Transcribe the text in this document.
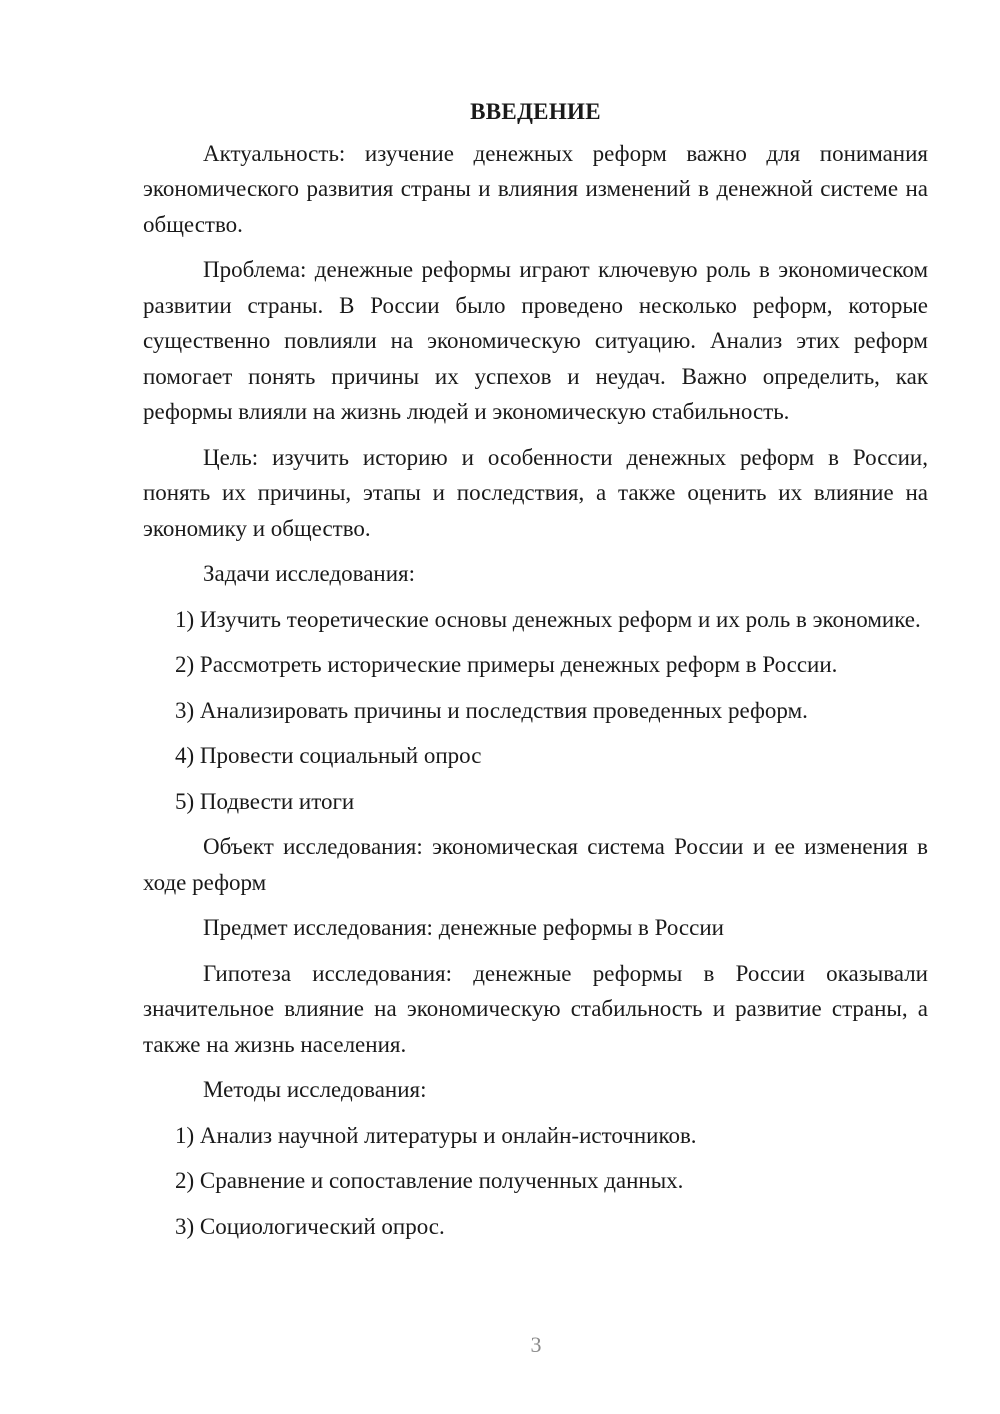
ВВЕДЕНИЕ

Актуальность: изучение денежных реформ важно для понимания экономического развития страны и влияния изменений в денежной системе на общество.

Проблема: денежные реформы играют ключевую роль в экономическом развитии страны. В России было проведено несколько реформ, которые существенно повлияли на экономическую ситуацию. Анализ этих реформ помогает понять причины их успехов и неудач. Важно определить, как реформы влияли на жизнь людей и экономическую стабильность.

Цель: изучить историю и особенности денежных реформ в России, понять их причины, этапы и последствия, а также оценить их влияние на экономику и общество.

Задачи исследования:

1) Изучить теоретические основы денежных реформ и их роль в экономике.

2) Рассмотреть исторические примеры денежных реформ в России.

3) Анализировать причины и последствия проведенных реформ.

4) Провести социальный опрос

5) Подвести итоги

Объект исследования: экономическая система России и ее изменения в ходе реформ

Предмет исследования: денежные реформы в России

Гипотеза исследования: денежные реформы в России оказывали значительное влияние на экономическую стабильность и развитие страны, а также на жизнь населения.

Методы исследования:

1) Анализ научной литературы и онлайн-источников.

2) Сравнение и сопоставление полученных данных.

3) Социологический опрос.

3
